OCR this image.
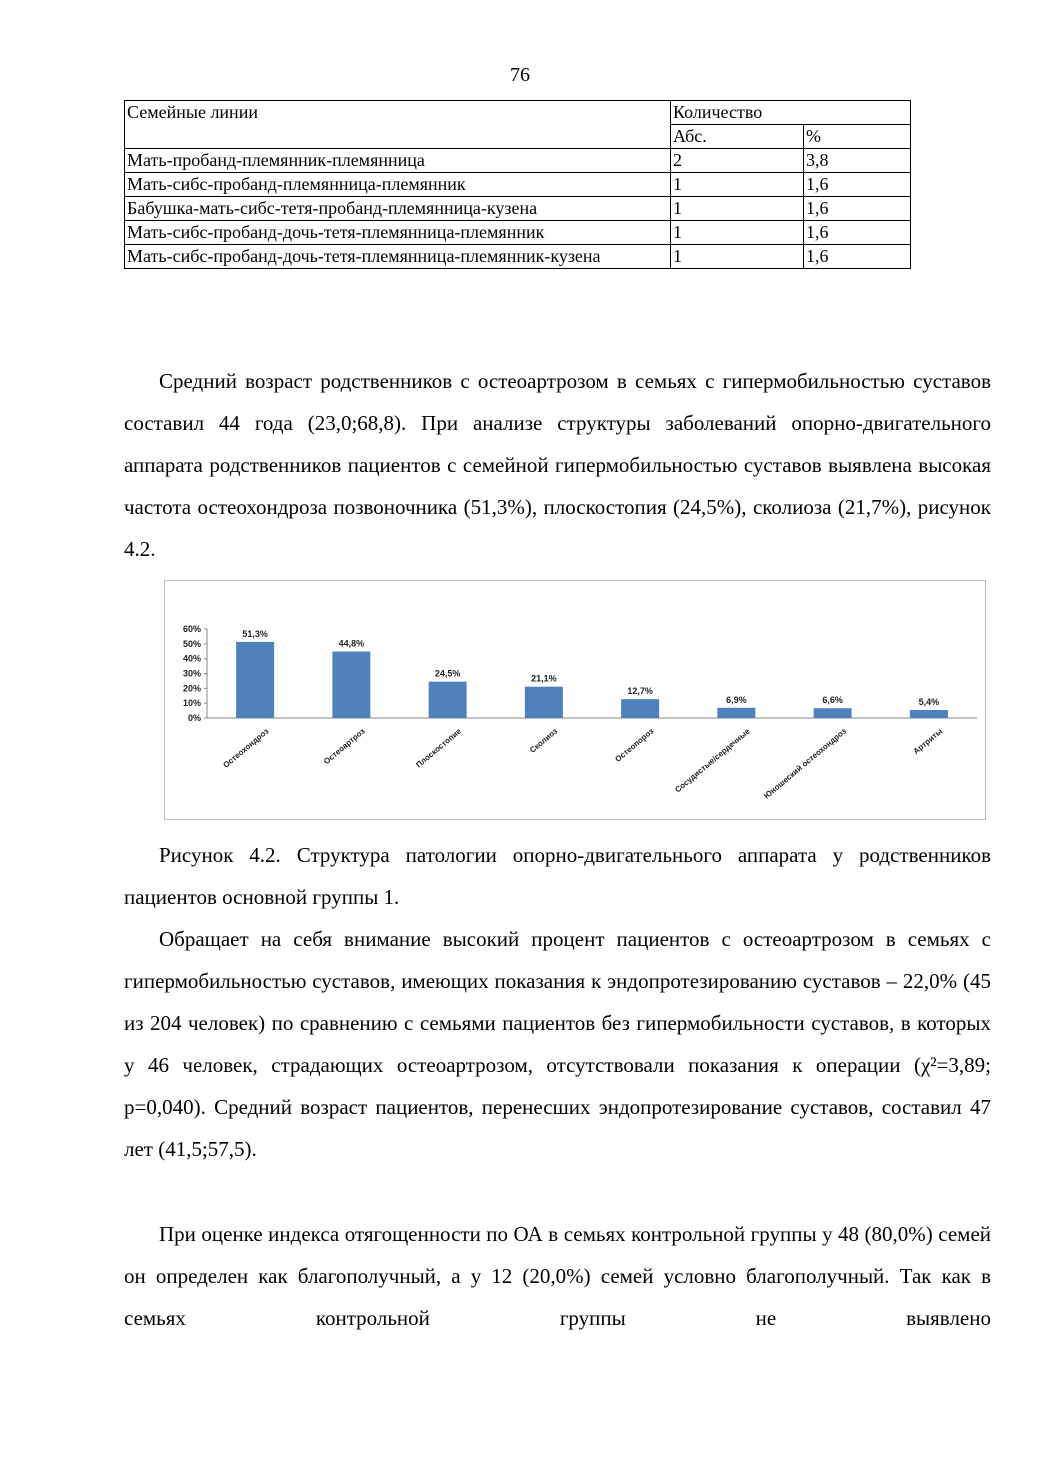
76
Семейные линии	Количество	
	Абс.	%
Мать-пробанд-племянник-племянница	2	3,8
Мать-сибс-пробанд-племянница-племянник	1	1,6
Бабушка-мать-сибс-тетя-пробанд-племянница-кузена	1	1,6
Мать-сибс-пробанд-дочь-тетя-племянница-племянник	1	1,6
Мать-сибс-пробанд-дочь-тетя-племянница-племянник-кузена	1	1,6

Средний возраст родственников с остеоартрозом в семьях с гипермобильностью суставов составил 44 года (23,0;68,8). При анализе структуры заболеваний опорно-двигательного аппарата родственников пациентов с семейной гипермобильностью суставов выявлена высокая частота остеохондроза позвоночника (51,3%), плоскостопия (24,5%), сколиоза (21,7%), рисунок 4.2.

0%
10%
20%
30%
40%
50%
60%	51,3%
Остеохондроз
44,8%
Остеоартроз
24,5%
Плоскостопие
21,1%
Сколиоз
12,7%
Остеопороз
6,9%
Сосудистые/сердечные
6,6%
Юношеский остеохондроз
5,4%
Артриты

Рисунок 4.2. Структура патологии опорно-двигательнього аппарата у родственников пациентов основной группы 1.

Обращает на себя внимание высокий процент пациентов с остеоартрозом в семьях с гипермобильностью суставов, имеющих показания к эндопротезированию суставов – 22,0% (45 из 204 человек) по сравнению с семьями пациентов без гипермобильности суставов, в которых у 46 человек, страдающих остеоартрозом, отсутствовали показания к операции (χ²=3,89; p=0,040). Средний возраст пациентов, перенесших эндопротезирование суставов, составил 47 лет (41,5;57,5).

При оценке индекса отягощенности по ОА в семьях контрольной группы у 48 (80,0%) семей он определен как благополучный, а у 12 (20,0%) семей условно благополучный. Так как в семьях контрольной группы не выявлено
